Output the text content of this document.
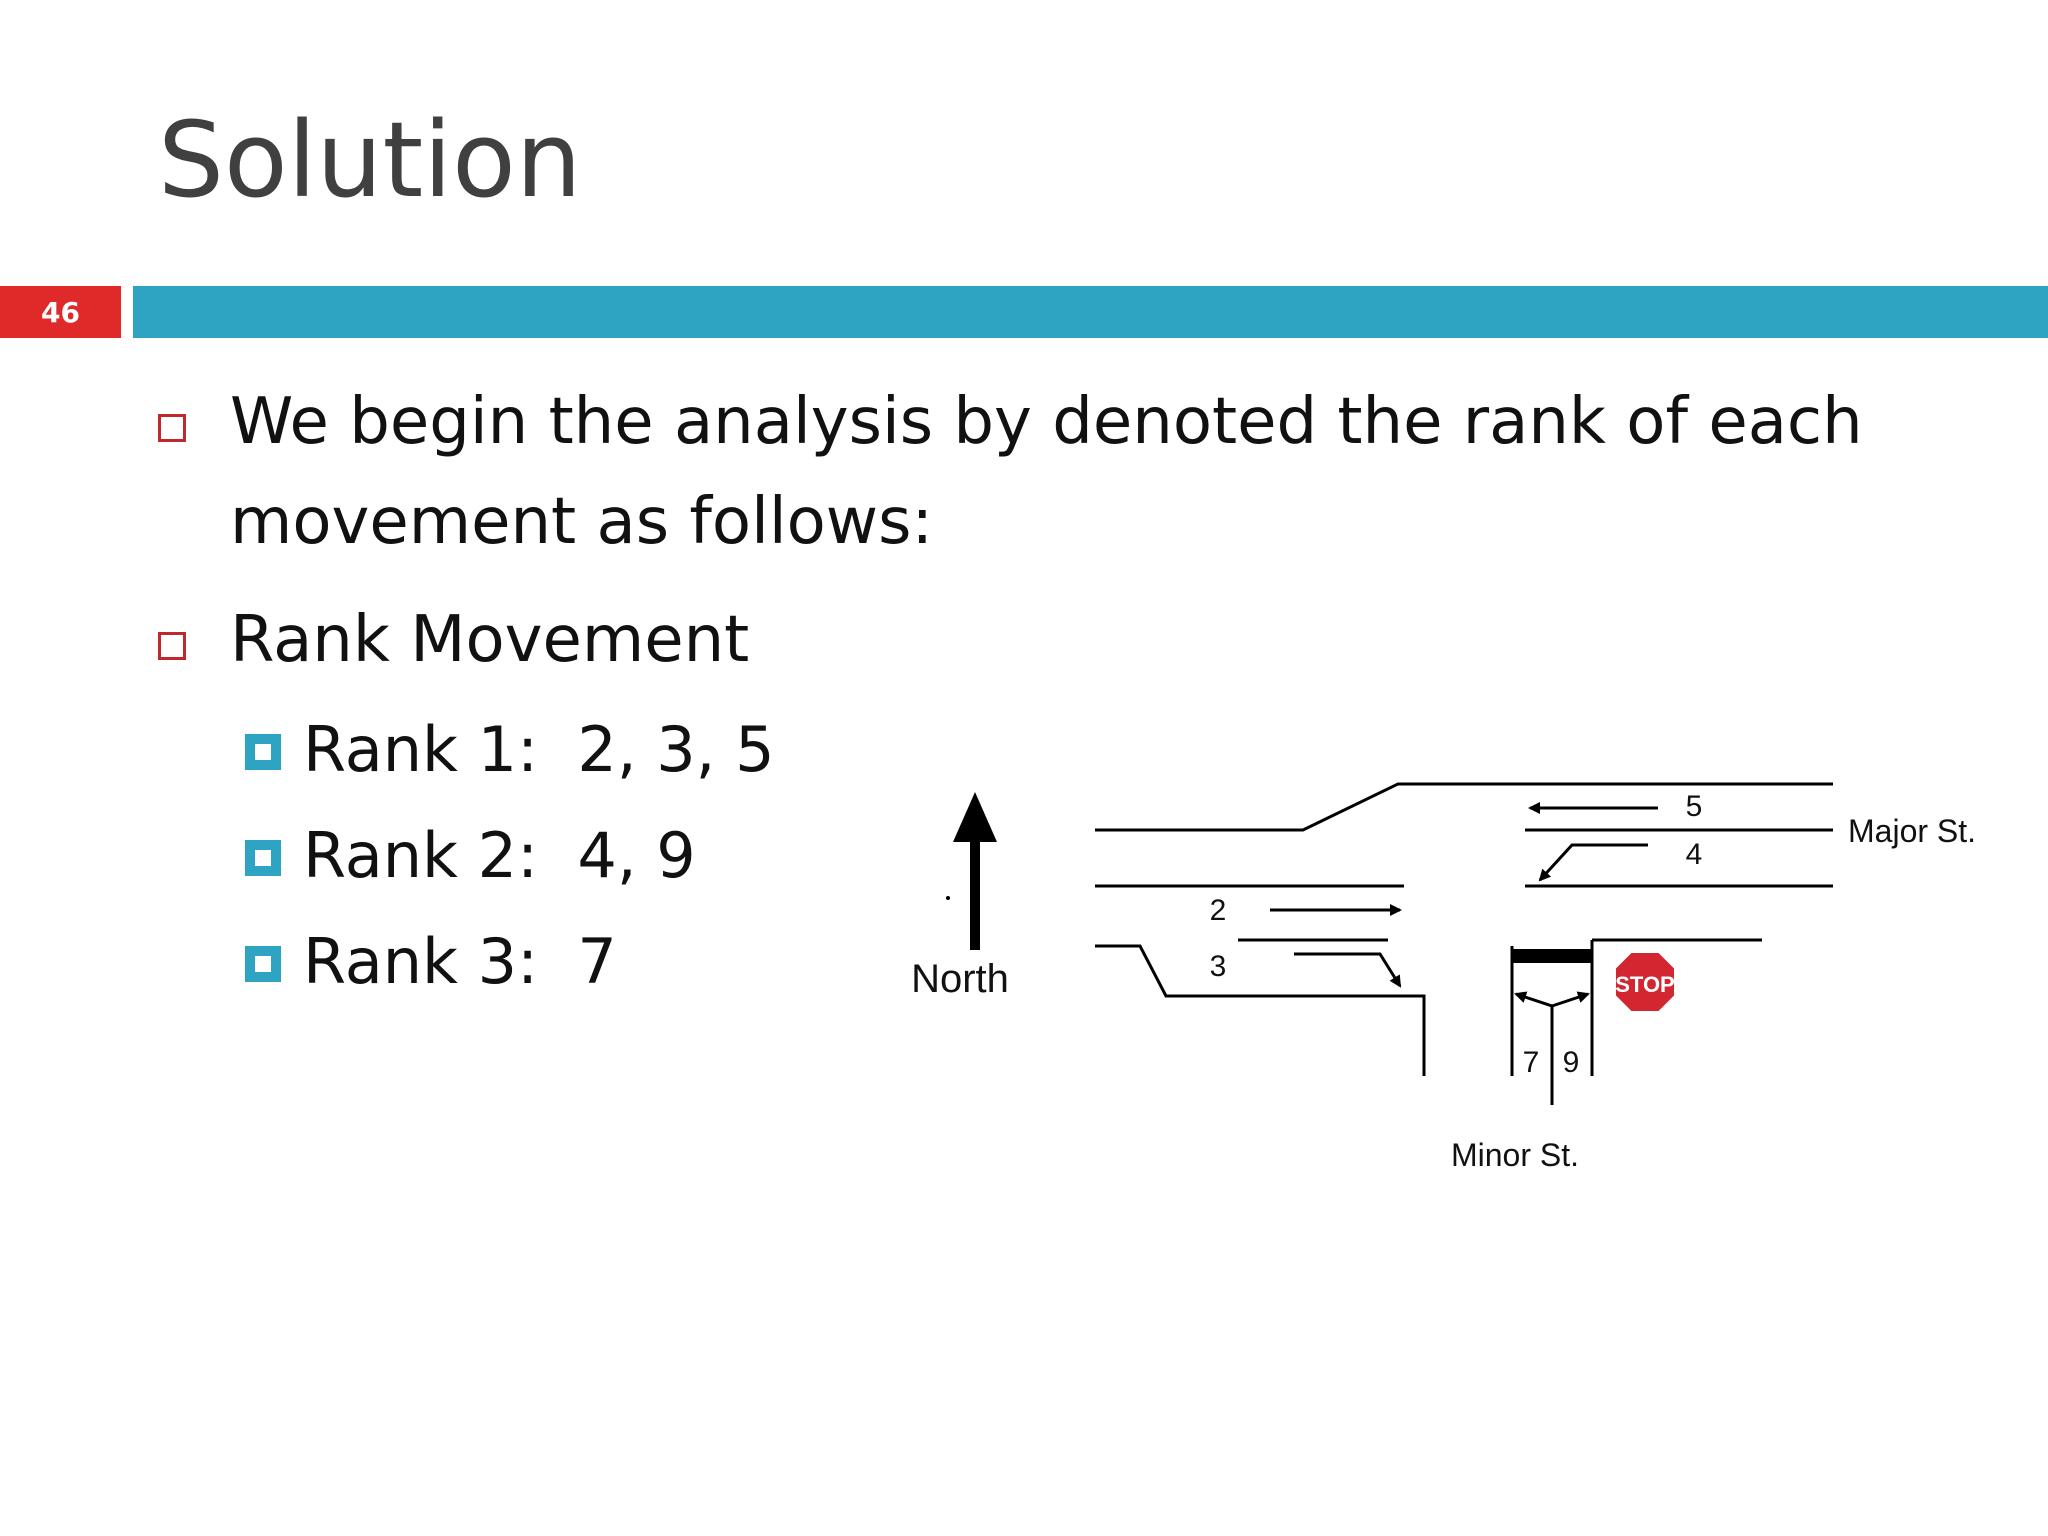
Solution
46
We begin the analysis by denoted the rank of each movement as follows:
Rank Movement
Rank 1:  2, 3, 5
Rank 2:  4, 9
Rank 3:  7	North
5
4
2
3
7 9
Major St.
Minor St.
STOP
